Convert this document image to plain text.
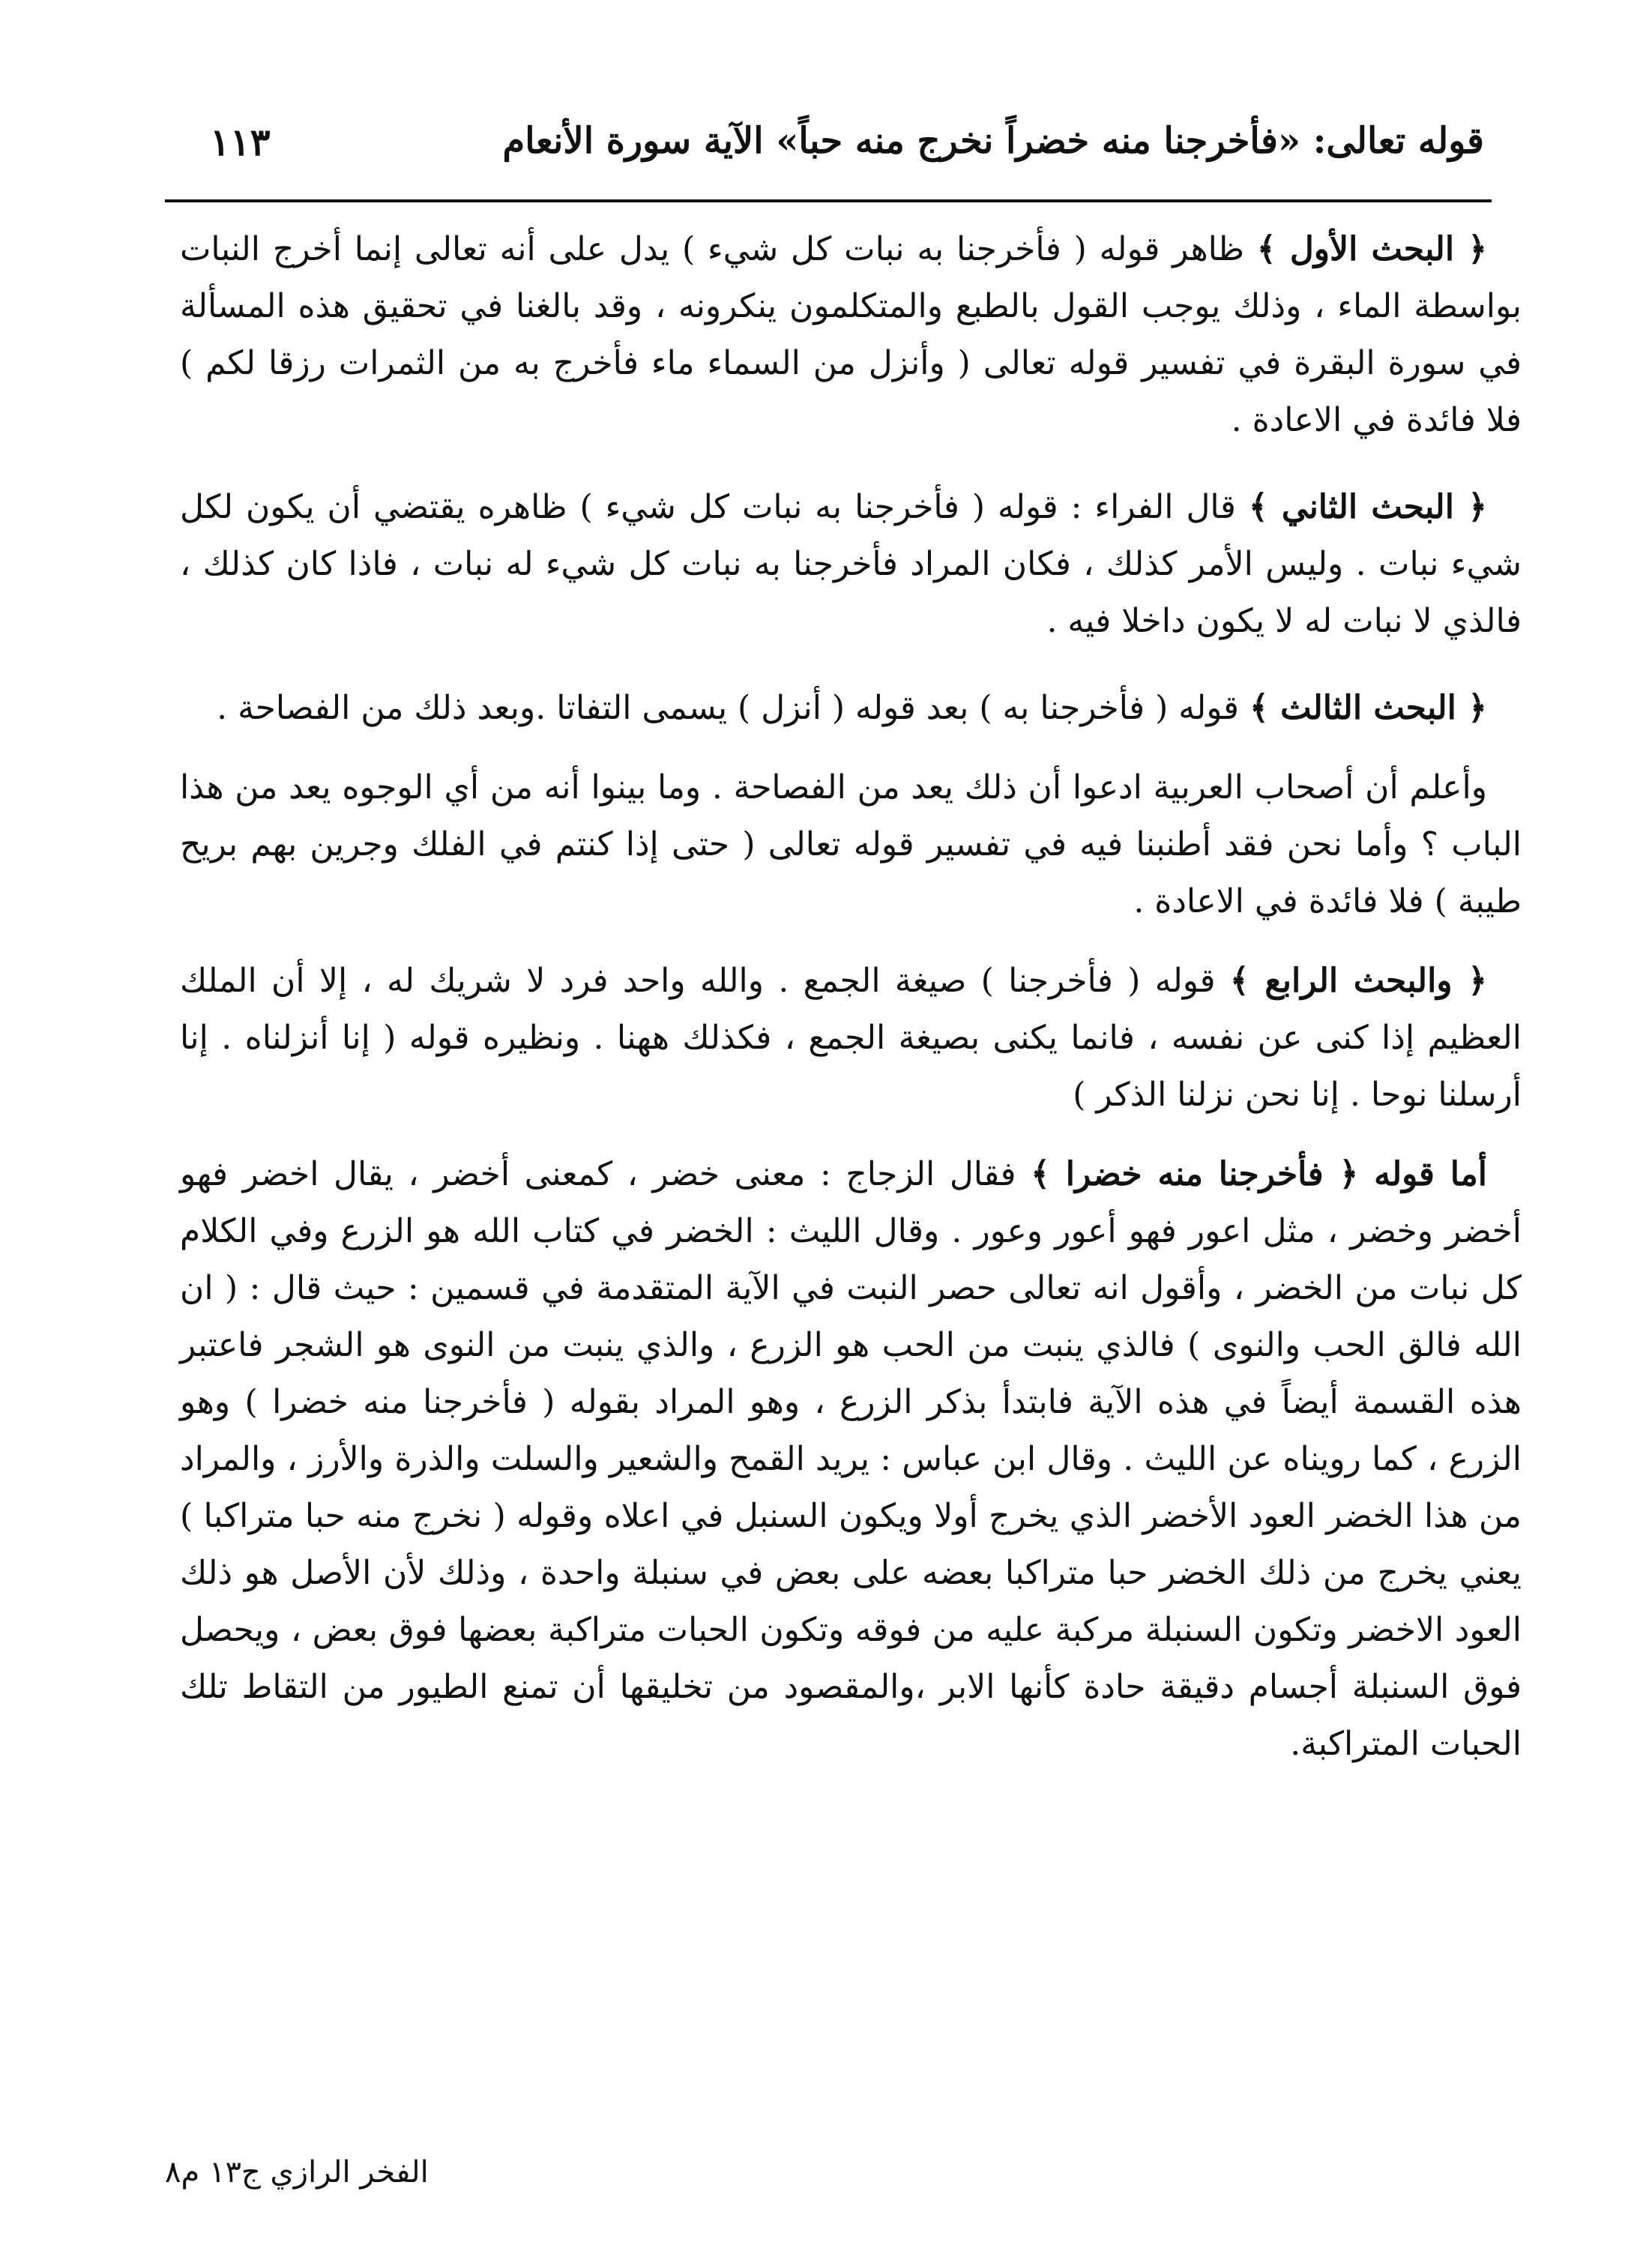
قوله تعالى: «فأخرجنا منه خضراً نخرج منه حباً» الآية سورة الأنعام
١١٣

﴿ البحث الأول ﴾ ظاهر قوله ( فأخرجنا به نبات كل شيء ) يدل على أنه تعالى إنما أخرج النبات بواسطة الماء ، وذلك يوجب القول بالطبع والمتكلمون ينكرونه ، وقد بالغنا في تحقيق هذه المسألة في سورة البقرة في تفسير قوله تعالى ( وأنزل من السماء ماء فأخرج به من الثمرات رزقا لكم ) فلا فائدة في الاعادة .

﴿ البحث الثاني ﴾ قال الفراء : قوله ( فأخرجنا به نبات كل شيء ) ظاهره يقتضي أن يكون لكل شيء نبات . وليس الأمر كذلك ، فكان المراد فأخرجنا به نبات كل شيء له نبات ، فاذا كان كذلك ، فالذي لا نبات له لا يكون داخلا فيه .

﴿ البحث الثالث ﴾ قوله ( فأخرجنا به ) بعد قوله ( أنزل ) يسمى التفاتا .وبعد ذلك من الفصاحة .

وأعلم أن أصحاب العربية ادعوا أن ذلك يعد من الفصاحة . وما بينوا أنه من أي الوجوه يعد من هذا الباب ؟ وأما نحن فقد أطنبنا فيه في تفسير قوله تعالى ( حتى إذا كنتم في الفلك وجرين بهم بريح طيبة ) فلا فائدة في الاعادة .

﴿ والبحث الرابع ﴾ قوله ( فأخرجنا ) صيغة الجمع . والله واحد فرد لا شريك له ، إلا أن الملك العظيم إذا كنى عن نفسه ، فانما يكنى بصيغة الجمع ، فكذلك ههنا . ونظيره قوله ( إنا أنزلناه . إنا أرسلنا نوحا . إنا نحن نزلنا الذكر )

أما قوله ﴿ فأخرجنا منه خضرا ﴾ فقال الزجاج : معنى خضر ، كمعنى أخضر ، يقال اخضر فهو أخضر وخضر ، مثل اعور فهو أعور وعور . وقال الليث : الخضر في كتاب الله هو الزرع وفي الكلام كل نبات من الخضر ، وأقول انه تعالى حصر النبت في الآية المتقدمة في قسمين : حيث قال : ( ان الله فالق الحب والنوى ) فالذي ينبت من الحب هو الزرع ، والذي ينبت من النوى هو الشجر فاعتبر هذه القسمة أيضاً في هذه الآية فابتدأ بذكر الزرع ، وهو المراد بقوله ( فأخرجنا منه خضرا ) وهو الزرع ، كما رويناه عن الليث . وقال ابن عباس : يريد القمح والشعير والسلت والذرة والأرز ، والمراد من هذا الخضر العود الأخضر الذي يخرج أولا ويكون السنبل في اعلاه وقوله ( نخرج منه حبا متراكبا ) يعني يخرج من ذلك الخضر حبا متراكبا بعضه على بعض في سنبلة واحدة ، وذلك لأن الأصل هو ذلك العود الاخضر وتكون السنبلة مركبة عليه من فوقه وتكون الحبات متراكبة بعضها فوق بعض ، ويحصل فوق السنبلة أجسام دقيقة حادة كأنها الابر ،والمقصود من تخليقها أن تمنع الطيور من التقاط تلك الحبات المتراكبة.

الفخر الرازي ج١٣ م٨
